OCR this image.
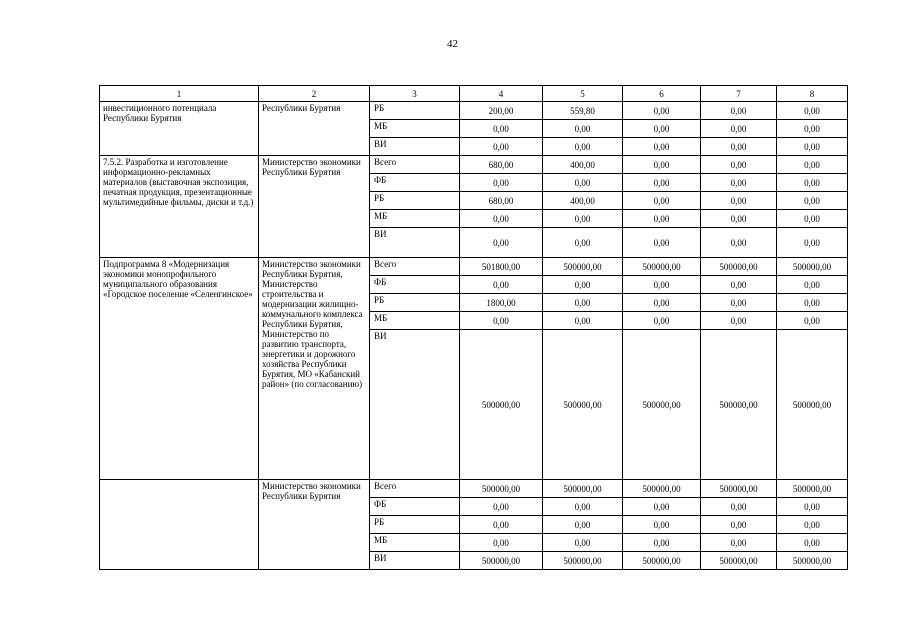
42
1	2	3	4	5	6	7	8
инвестиционного потенциала Республики Бурятия	Республики Бурятия	РБ	200,00	559,80	0,00	0,00	0,00
		МБ	0,00	0,00	0,00	0,00	0,00
		ВИ	0,00	0,00	0,00	0,00	0,00
7.5.2. Разработка и изготовление информационно-рекламных материалов (выставочная экспозиция, печатная продукция, презентационные мультимедийные фильмы, диски и т.д.)	Министерство экономики Республики Бурятия	Всего	680,00	400,00	0,00	0,00	0,00
		ФБ	0,00	0,00	0,00	0,00	0,00
		РБ	680,00	400,00	0,00	0,00	0,00
		МБ	0,00	0,00	0,00	0,00	0,00
		ВИ	0,00	0,00	0,00	0,00	0,00
Подпрограмма 8 «Модернизация экономики монопрофильного муниципального образования «Городское поселение «Селенгинское»	Министерство экономики Республики Бурятия, Министерство строительства и модернизации жилищно-коммунального комплекса Республики Бурятия, Министерство по развитию транспорта, энергетики и дорожного хозяйства Республики Бурятия, МО «Кабанский район» (по согласованию)	Всего	501800,00	500000,00	500000,00	500000,00	500000,00
		ФБ	0,00	0,00	0,00	0,00	0,00
		РБ	1800,00	0,00	0,00	0,00	0,00
		МБ	0,00	0,00	0,00	0,00	0,00
		ВИ	500000,00	500000,00	500000,00	500000,00	500000,00
	Министерство экономики Республики Бурятия	Всего	500000,00	500000,00	500000,00	500000,00	500000,00
		ФБ	0,00	0,00	0,00	0,00	0,00
		РБ	0,00	0,00	0,00	0,00	0,00
		МБ	0,00	0,00	0,00	0,00	0,00
		ВИ	500000,00	500000,00	500000,00	500000,00	500000,00
